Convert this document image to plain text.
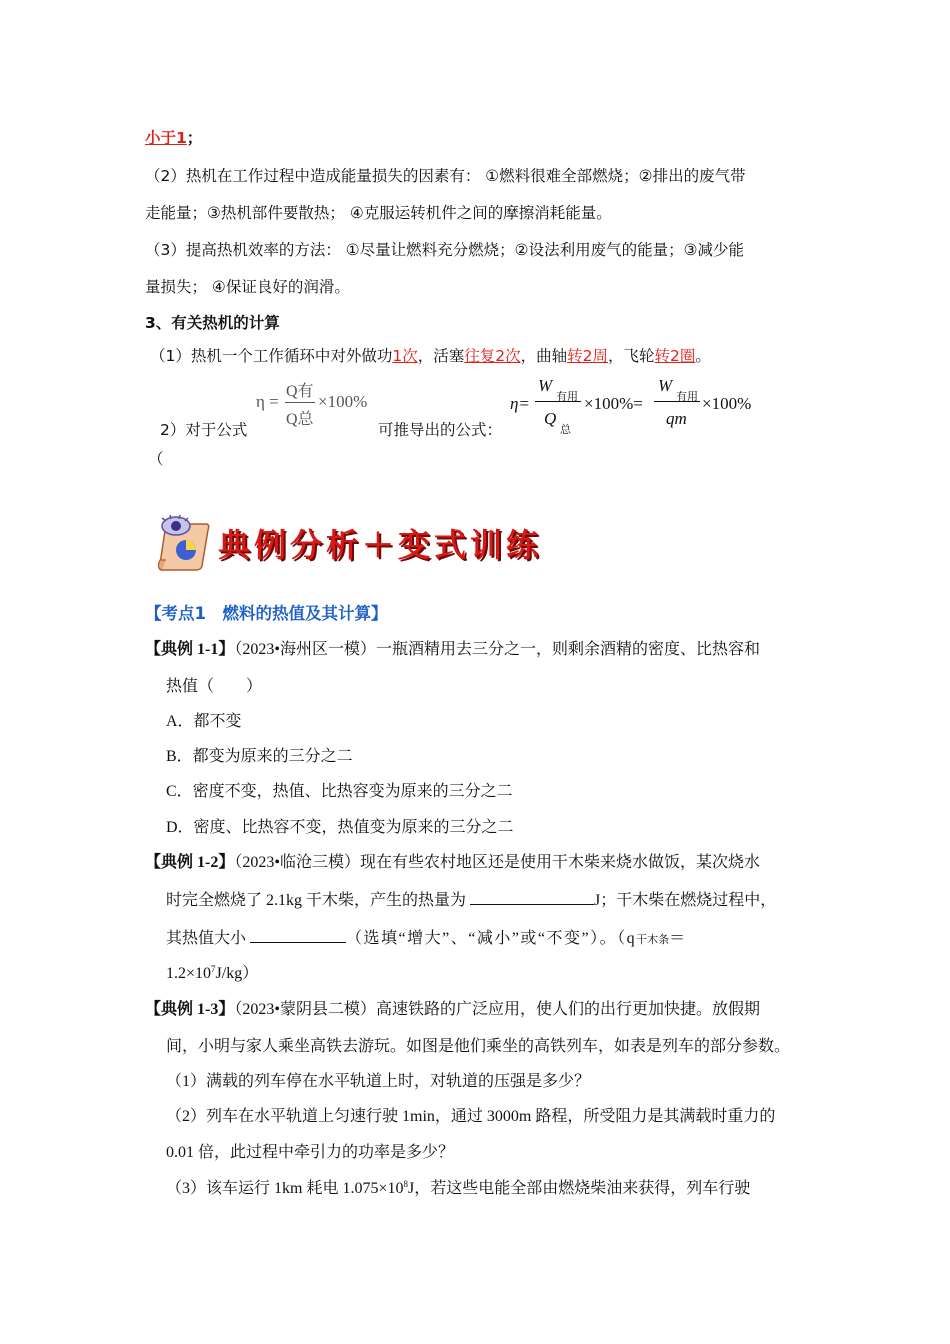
小于1；
（2）热机在工作过程中造成能量损失的因素有： ①燃料很难全部燃烧；②排出的废气带
走能量；③热机部件要散热； ④克服运转机件之间的摩擦消耗能量。
（3）提高热机效率的方法： ①尽量让燃料充分燃烧；②设法利用废气的能量；③减少能
量损失； ④保证良好的润滑。
3、有关热机的计算
（1）热机一个工作循环中对外做功1次，活塞往复2次，曲轴转2周，飞轮转2圈。
2）对于公式	可推导出的公式：
（
η =
Q有
Q总
×100%	η=
W
有用
Q
总
×100%=
W
有用
qm
×100%
典例分析＋变式训练
【考点1　燃料的热值及其计算】
【典例 1-1】（2023•海州区一模）一瓶酒精用去三分之一，则剩余酒精的密度、比热容和
热值（　　）
A．都不变
B．都变为原来的三分之二
C．密度不变，热值、比热容变为原来的三分之二
D．密度、比热容不变，热值变为原来的三分之二
【典例 1-2】（2023•临沧三模）现在有些农村地区还是使用干木柴来烧水做饭，某次烧水
时完全燃烧了 2.1kg 干木柴，产生的热量为	J；干木柴在燃烧过程中，
其热值大小	（选填“增大”、“减小”或“不变”）。（q干木条＝
$1.2\times 10^7J/kg$）
【典例 1-3】（2023•蒙阴县二模）高速铁路的广泛应用，使人们的出行更加快捷。放假期
间，小明与家人乘坐高铁去游玩。如图是他们乘坐的高铁列车，如表是列车的部分参数。
（1）满载的列车停在水平轨道上时，对轨道的压强是多少？
（2）列车在水平轨道上匀速行驶 1min，通过 3000m 路程，所受阻力是其满载时重力的
0.01 倍，此过程中牵引力的功率是多少？
（3）该车运行 1km 耗电 $1.075\times 10^8J$，若这些电能全部由燃烧柴油来获得，列车行驶
